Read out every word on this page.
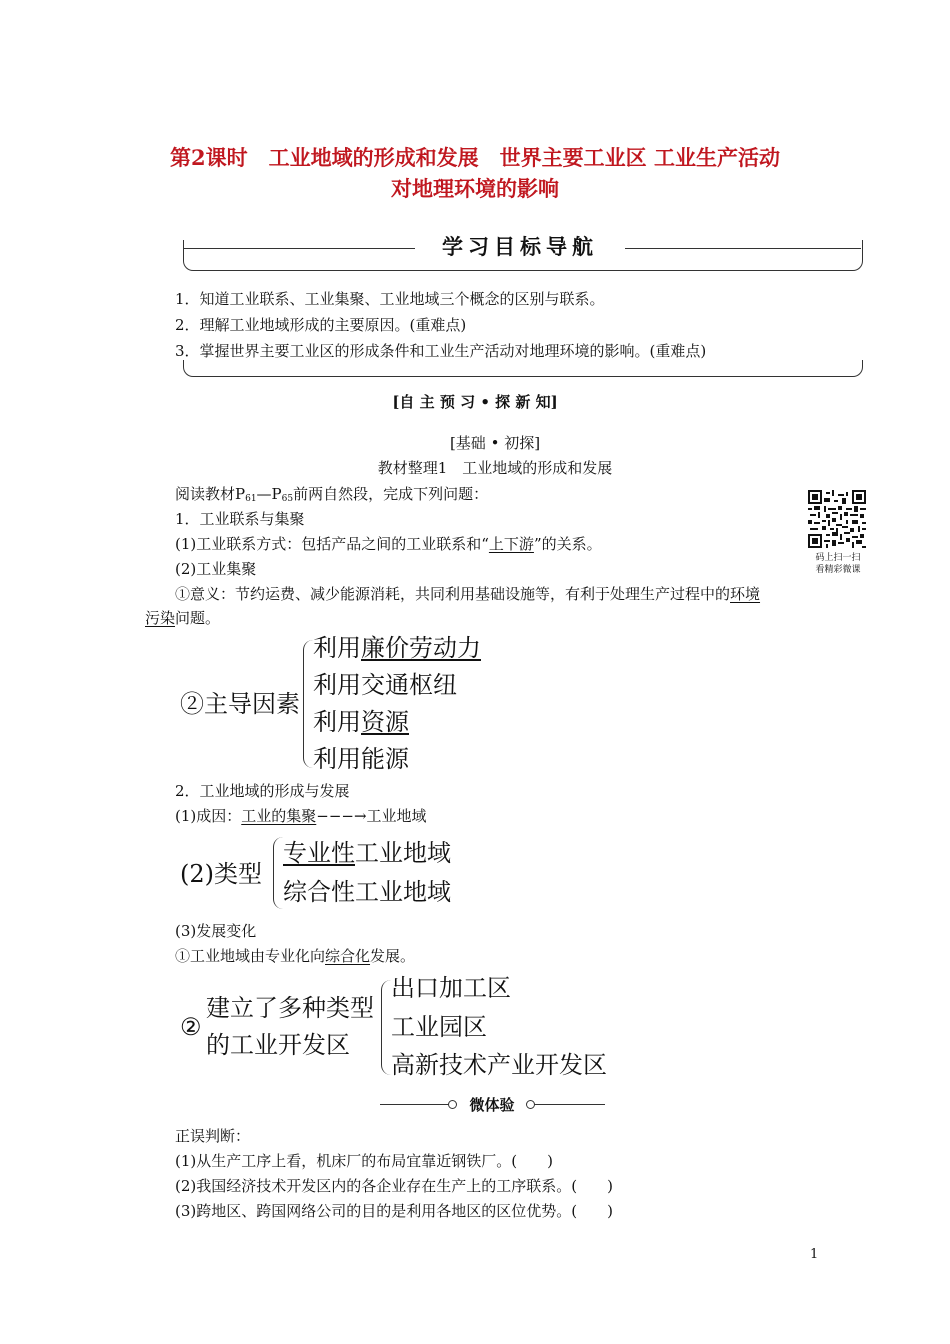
第2课时　工业地域的形成和发展　世界主要工业区 工业生产活动
对地理环境的影响
学习目标导航
1．知道工业联系、工业集聚、工业地域三个概念的区别与联系。
2．理解工业地域形成的主要原因。(重难点)
3．掌握世界主要工业区的形成条件和工业生产活动对地理环境的影响。(重难点)
[自 主 预 习 • 探 新 知]
[基础 • 初探]
教材整理1　工业地域的形成和发展
阅读教材$P_{61}—P_{65}$前两自然段，完成下列问题：
码上扫一扫
看精彩微课
1．工业联系与集聚
(1)工业联系方式：包括产品之间的工业联系和“上下游”的关系。
(2)工业集聚
①意义：节约运费、减少能源消耗，共同利用基础设施等，有利于处理生产过程中的环境
污染问题。
②主导因素
利用廉价劳动力
利用交通枢纽
利用资源
利用能源
2．工业地域的形成与发展
(1)成因：工业的集聚−−−→工业地域
(2)类型
专业性工业地域
综合性工业地域
(3)发展变化
①工业地域由专业化向综合化发展。
②
建立了多种类型
的工业开发区
出口加工区
工业园区
高新技术产业开发区
微体验
正误判断：
(1)从生产工序上看，机床厂的布局宜靠近钢铁厂。(　　)
(2)我国经济技术开发区内的各企业存在生产上的工序联系。(　　)
(3)跨地区、跨国网络公司的目的是利用各地区的区位优势。(　　)
1
